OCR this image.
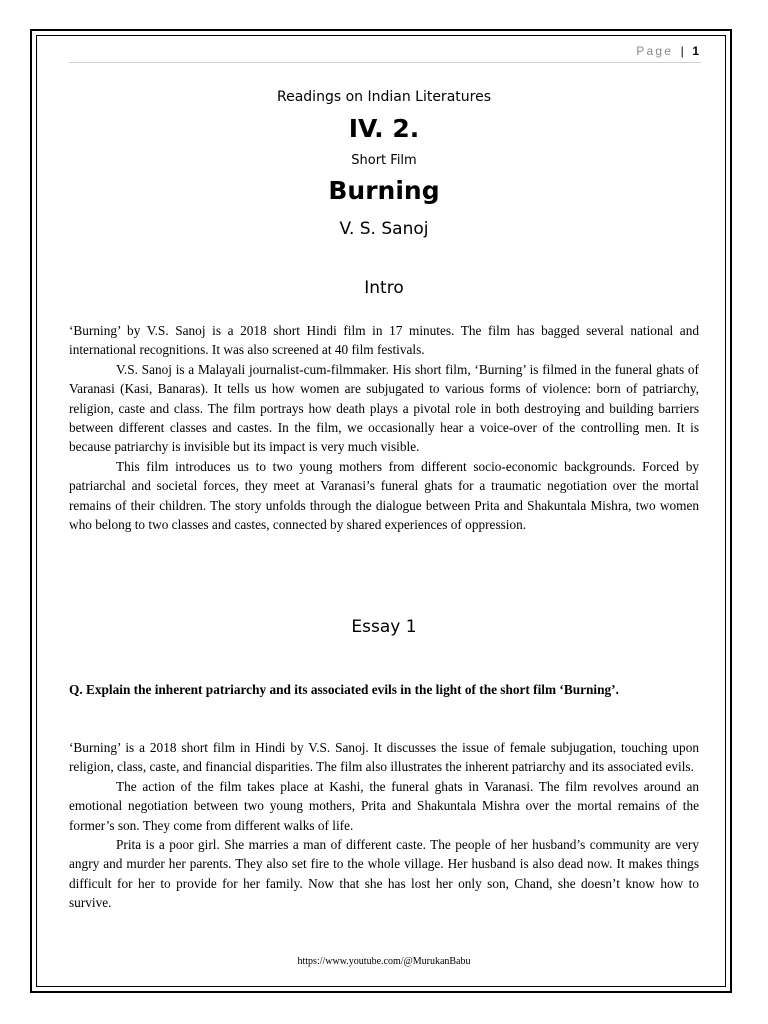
Page | 1
Readings on Indian Literatures
IV. 2.
Short Film
Burning
V. S. Sanoj
Intro

‘Burning’ by V.S. Sanoj is a 2018 short Hindi film in 17 minutes. The film has bagged several national and international recognitions. It was also screened at 40 film festivals.

V.S. Sanoj is a Malayali journalist-cum-filmmaker. His short film, ‘Burning’ is filmed in the funeral ghats of Varanasi (Kasi, Banaras). It tells us how women are subjugated to various forms of violence: born of patriarchy, religion, caste and class. The film portrays how death plays a pivotal role in both destroying and building barriers between different classes and castes. In the film, we occasionally hear a voice-over of the controlling men. It is because patriarchy is invisible but its impact is very much visible.

This film introduces us to two young mothers from different socio-economic backgrounds. Forced by patriarchal and societal forces, they meet at Varanasi’s funeral ghats for a traumatic negotiation over the mortal remains of their children. The story unfolds through the dialogue between Prita and Shakuntala Mishra, two women who belong to two classes and castes, connected by shared experiences of oppression.

Essay 1
Q. Explain the inherent patriarchy and its associated evils in the light of the short film ‘Burning’.

‘Burning’ is a 2018 short film in Hindi by V.S. Sanoj. It discusses the issue of female subjugation, touching upon religion, class, caste, and financial disparities. The film also illustrates the inherent patriarchy and its associated evils.

The action of the film takes place at Kashi, the funeral ghats in Varanasi. The film revolves around an emotional negotiation between two young mothers, Prita and Shakuntala Mishra over the mortal remains of the former’s son. They come from different walks of life.

Prita is a poor girl. She marries a man of different caste. The people of her husband’s community are very angry and murder her parents. They also set fire to the whole village. Her husband is also dead now. It makes things difficult for her to provide for her family. Now that she has lost her only son, Chand, she doesn’t know how to survive.

https://www.youtube.com/@MurukanBabu
